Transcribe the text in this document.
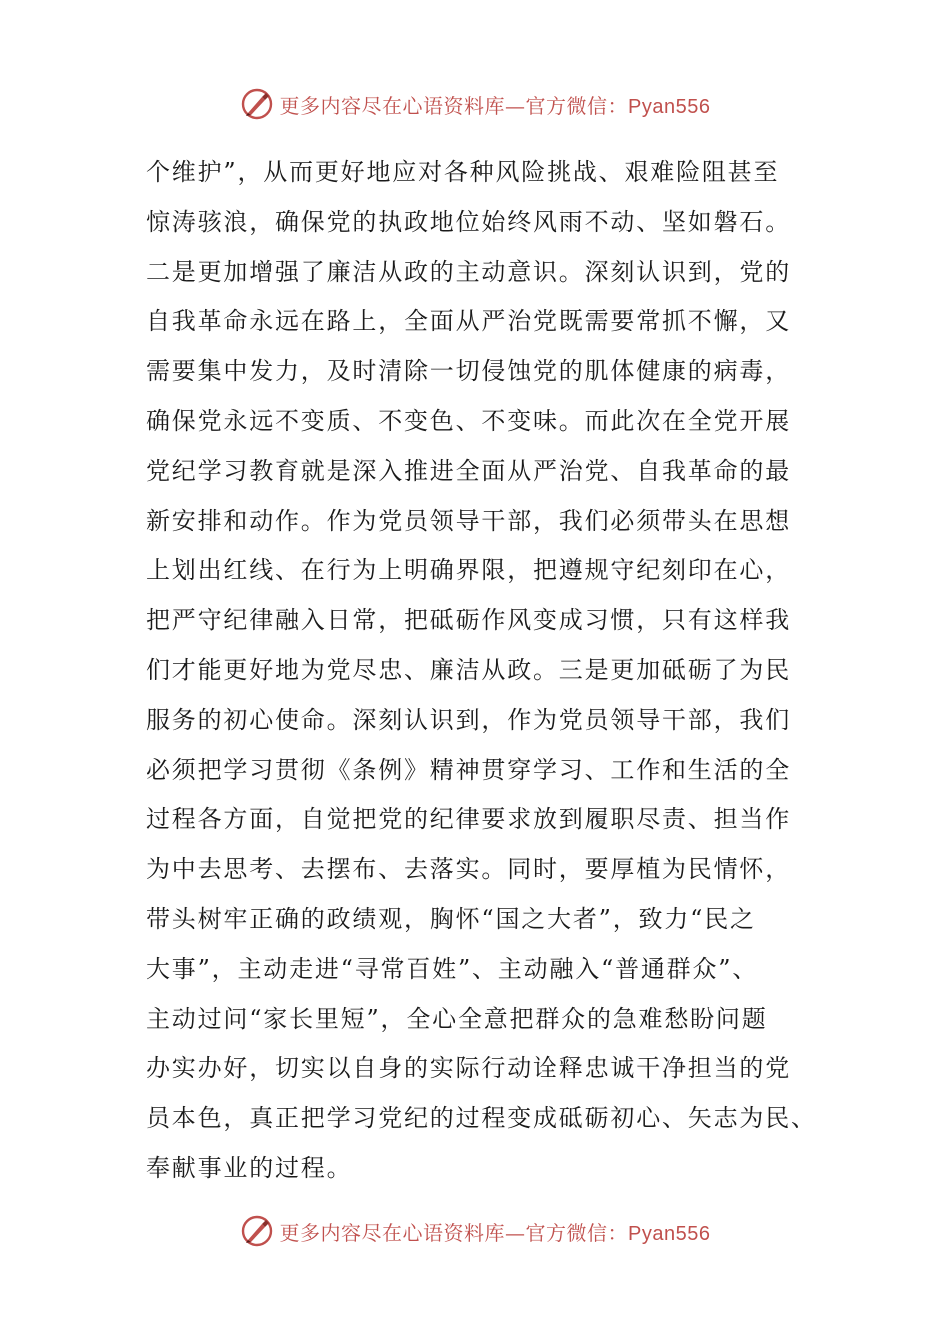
更多内容尽在心语资料库—官方微信：Pyan556
个维护”，从而更好地应对各种风险挑战、艰难险阻甚至
惊涛骇浪，确保党的执政地位始终风雨不动、坚如磐石。
二是更加增强了廉洁从政的主动意识。深刻认识到，党的
自我革命永远在路上，全面从严治党既需要常抓不懈，又
需要集中发力，及时清除一切侵蚀党的肌体健康的病毒，
确保党永远不变质、不变色、不变味。而此次在全党开展
党纪学习教育就是深入推进全面从严治党、自我革命的最
新安排和动作。作为党员领导干部，我们必须带头在思想
上划出红线、在行为上明确界限，把遵规守纪刻印在心，
把严守纪律融入日常，把砥砺作风变成习惯，只有这样我
们才能更好地为党尽忠、廉洁从政。三是更加砥砺了为民
服务的初心使命。深刻认识到，作为党员领导干部，我们
必须把学习贯彻《条例》精神贯穿学习、工作和生活的全
过程各方面，自觉把党的纪律要求放到履职尽责、担当作
为中去思考、去摆布、去落实。同时，要厚植为民情怀，
带头树牢正确的政绩观，胸怀“国之大者”，致力“民之
大事”，主动走进“寻常百姓”、主动融入“普通群众”、
主动过问“家长里短”，全心全意把群众的急难愁盼问题
办实办好，切实以自身的实际行动诠释忠诚干净担当的党
员本色，真正把学习党纪的过程变成砥砺初心、矢志为民、
奉献事业的过程。
更多内容尽在心语资料库—官方微信：Pyan556
